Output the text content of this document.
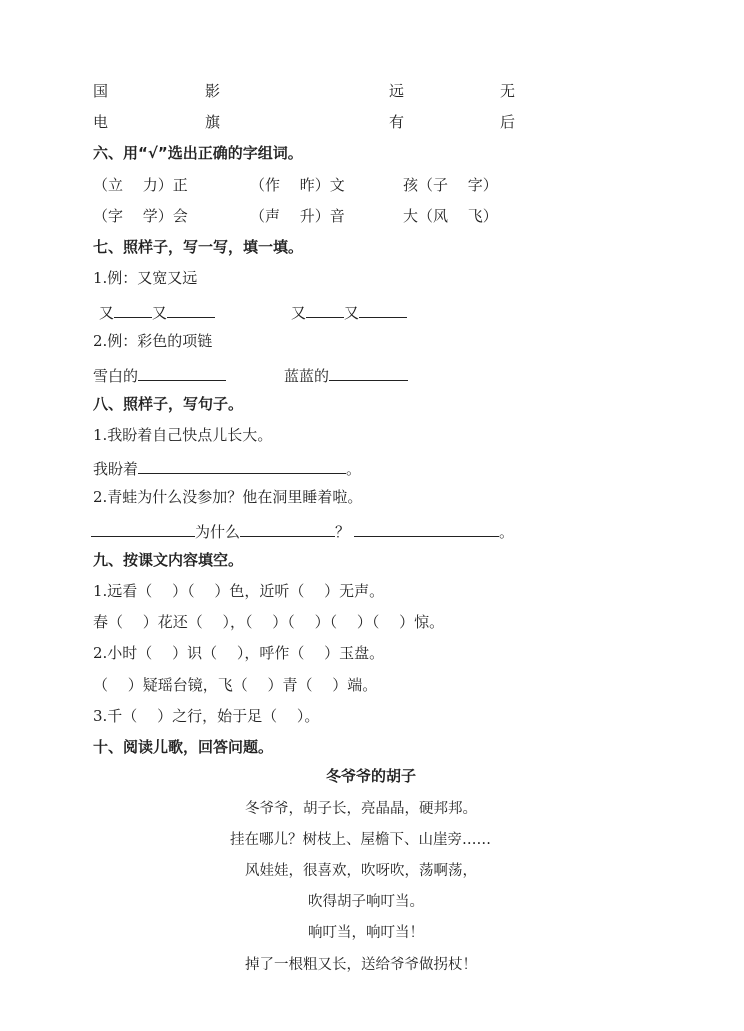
国	影	远	无
电	旗	有	后
六、用“√”选出正确的字组词。
（立　 力）正	（作　 昨）文	孩（子　 字）
（字　 学）会	（声　 升）音	大（风　 飞）
七、照样子，写一写，填一填。
1.例：又宽又远
又	又	又	又
2.例：彩色的项链
雪白的	蓝蓝的
八、照样子，写句子。
1.我盼着自己快点儿长大。
我盼着	。
2.青蛙为什么没参加？他在洞里睡着啦。
为什么	？	。
九、按课文内容填空。
1.远看（　 ）（　 ）色，近听（　 ）无声。
春（　 ）花还（　 ），（　 ）（　 ）（　 ）（　 ）惊。
2.小时（　 ）识（　 ），呼作（　 ）玉盘。
（　 ）疑瑶台镜，飞（　 ）青（　 ）端。
3.千（　 ）之行，始于足（　 ）。
十、阅读儿歌，回答问题。
冬爷爷的胡子
冬爷爷，胡子长，亮晶晶，硬邦邦。
挂在哪儿？树枝上、屋檐下、山崖旁……
风娃娃，很喜欢，吹呀吹，荡啊荡，
吹得胡子响叮当。
响叮当，响叮当！
掉了一根粗又长，送给爷爷做拐杖！
